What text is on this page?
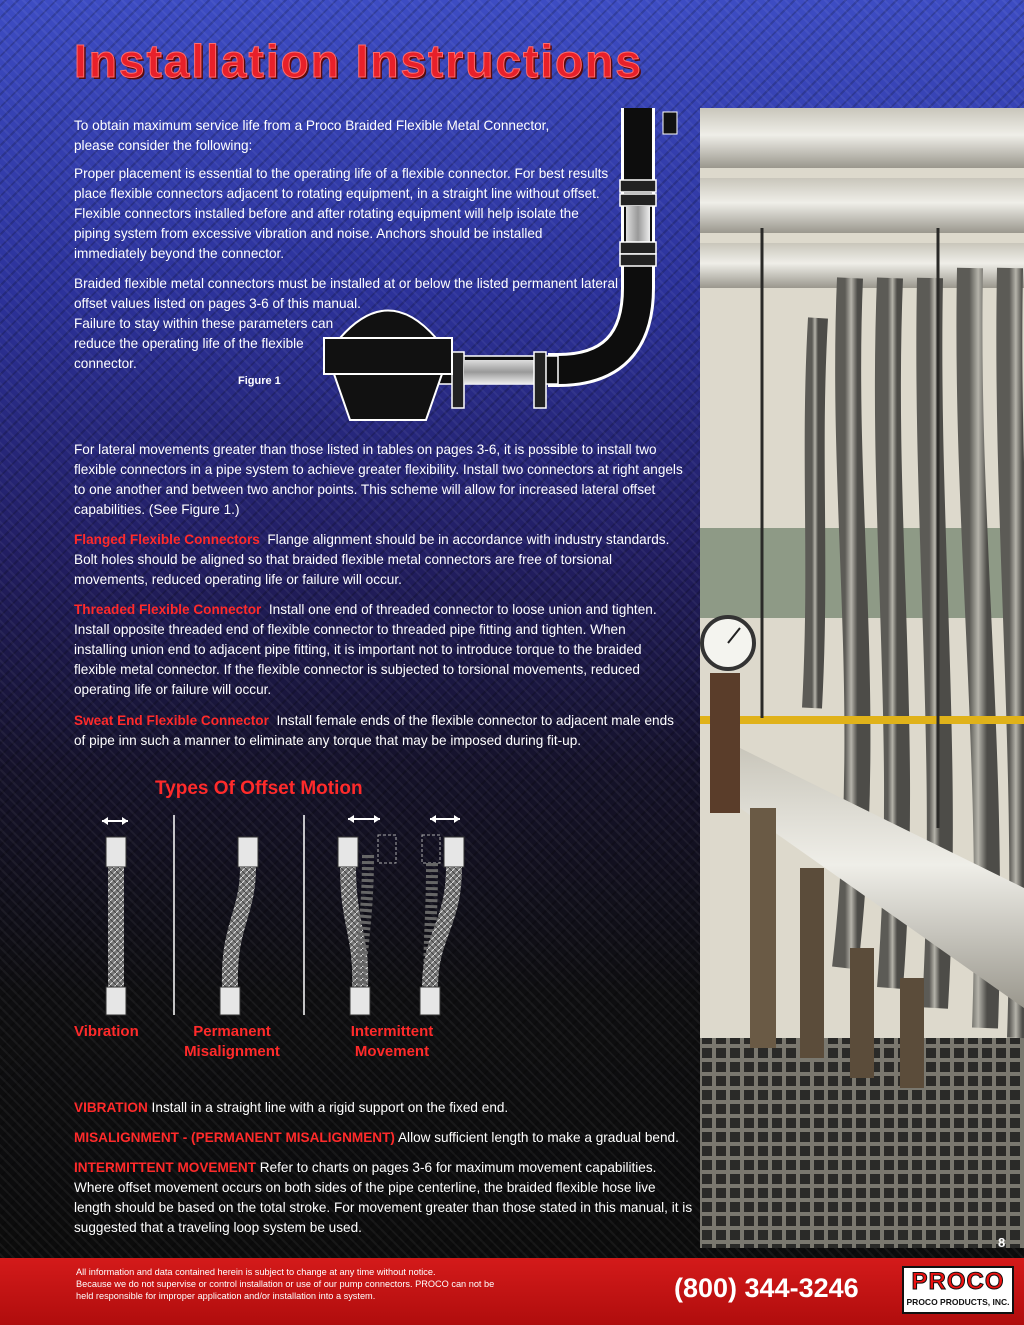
Installation Instructions

To obtain maximum service life from a Proco Braided Flexible Metal Connector, please consider the following:

Proper placement is essential to the operating life of a flexible connector. For best results place flexible connectors adjacent to rotating equipment, in a straight line without offset. Flexible connectors installed before and after rotating equipment will help isolate the piping system from excessive vibration and noise. Anchors should be installed immediately beyond the connector.

Braided flexible metal connectors must be installed at or below the listed permanent lateral offset values listed on pages 3-6 of this manual.

Failure to stay within these parameters can reduce the operating life of the flexible connector.

Figure 1

For lateral movements greater than those listed in tables on pages 3-6, it is possible to install two flexible connectors in a pipe system to achieve greater flexibility. Install two connectors at right angels to one another and between two anchor points. This scheme will allow for increased lateral offset capabilities. (See Figure 1.)

Flanged Flexible Connectors Flange alignment should be in accordance with industry standards. Bolt holes should be aligned so that braided flexible metal connectors are free of torsional movements, reduced operating life or failure will occur.

Threaded Flexible Connector Install one end of threaded connector to loose union and tighten. Install opposite threaded end of flexible connector to threaded pipe fitting and tighten. When installing union end to adjacent pipe fitting, it is important not to introduce torque to the braided flexible metal connector. If the flexible connector is subjected to torsional movements, reduced operating life or failure will occur.

Sweat End Flexible Connector Install female ends of the flexible connector to adjacent male ends of pipe inn such a manner to eliminate any torque that may be imposed during fit-up.

Types Of Offset Motion
Vibration	Permanent
Misalignment
Intermittent
Movement

VIBRATION Install in a straight line with a rigid support on the fixed end.

MISALIGNMENT - (PERMANENT MISALIGNMENT) Allow sufficient length to make a gradual bend.

INTERMITTENT MOVEMENT Refer to charts on pages 3-6 for maximum movement capabilities. Where offset movement occurs on both sides of the pipe centerline, the braided flexible hose live length should be based on the total stroke. For movement greater than those stated in this manual, it is suggested that a traveling loop system be used.

8
All information and data contained herein is subject to change at any time without notice.
Because we do not supervise or control installation or use of our pump connectors. PROCO can not be held responsible for improper application and/or installation into a system.	(800) 344-3246	PROCO
PROCO PRODUCTS, INC.
